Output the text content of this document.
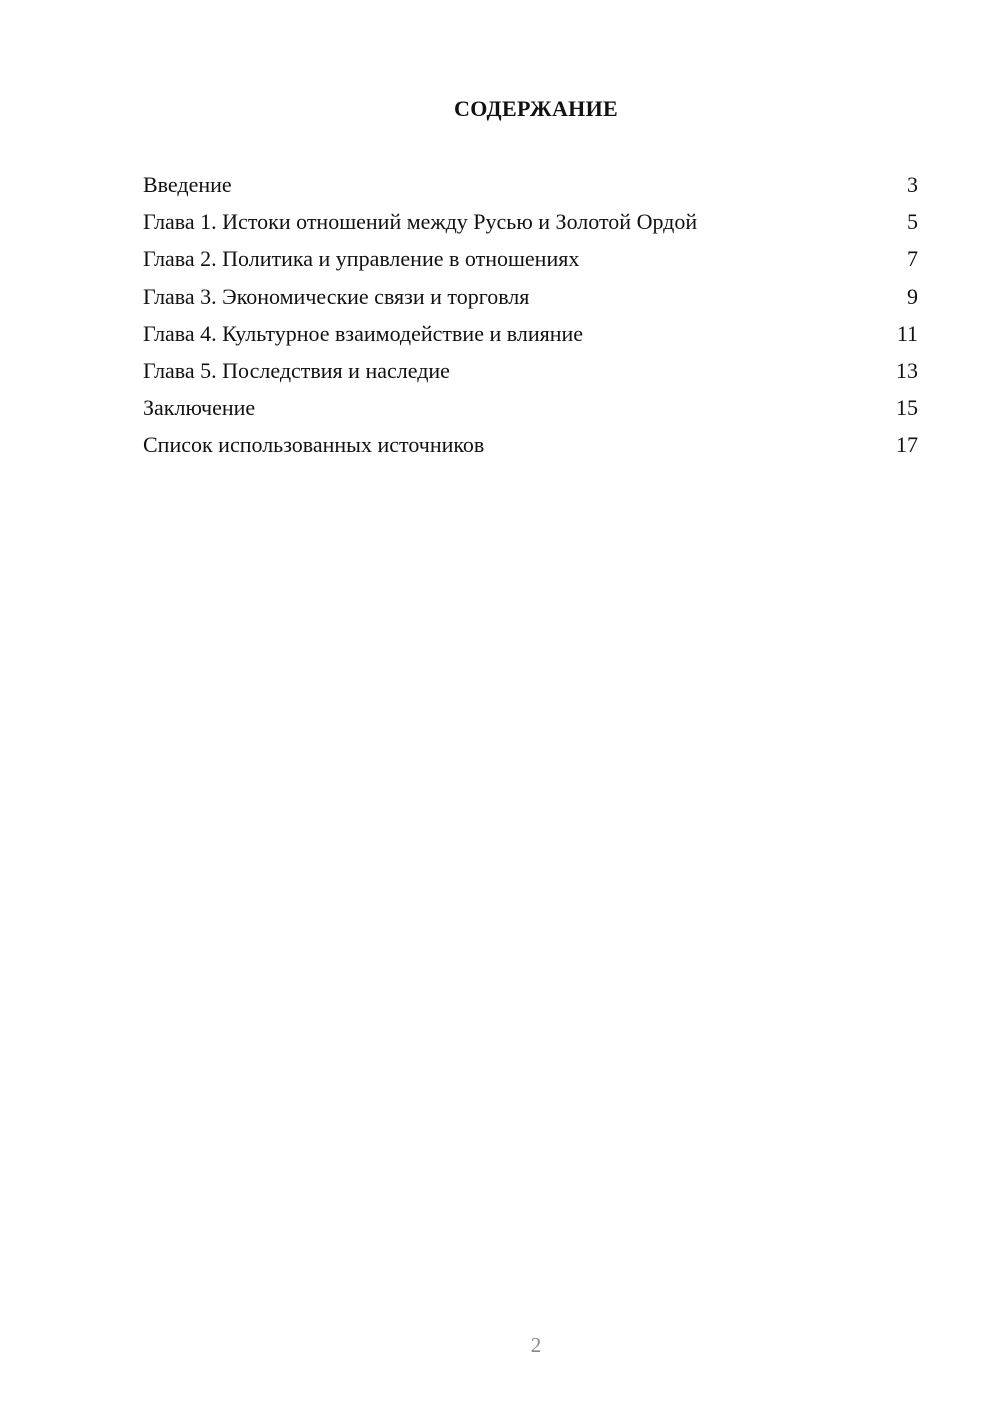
СОДЕРЖАНИЕ
Введение	3
Глава 1. Истоки отношений между Русью и Золотой Ордой	5
Глава 2. Политика и управление в отношениях	7
Глава 3. Экономические связи и торговля	9
Глава 4. Культурное взаимодействие и влияние	11
Глава 5. Последствия и наследие	13
Заключение	15
Список использованных источников	17
2
